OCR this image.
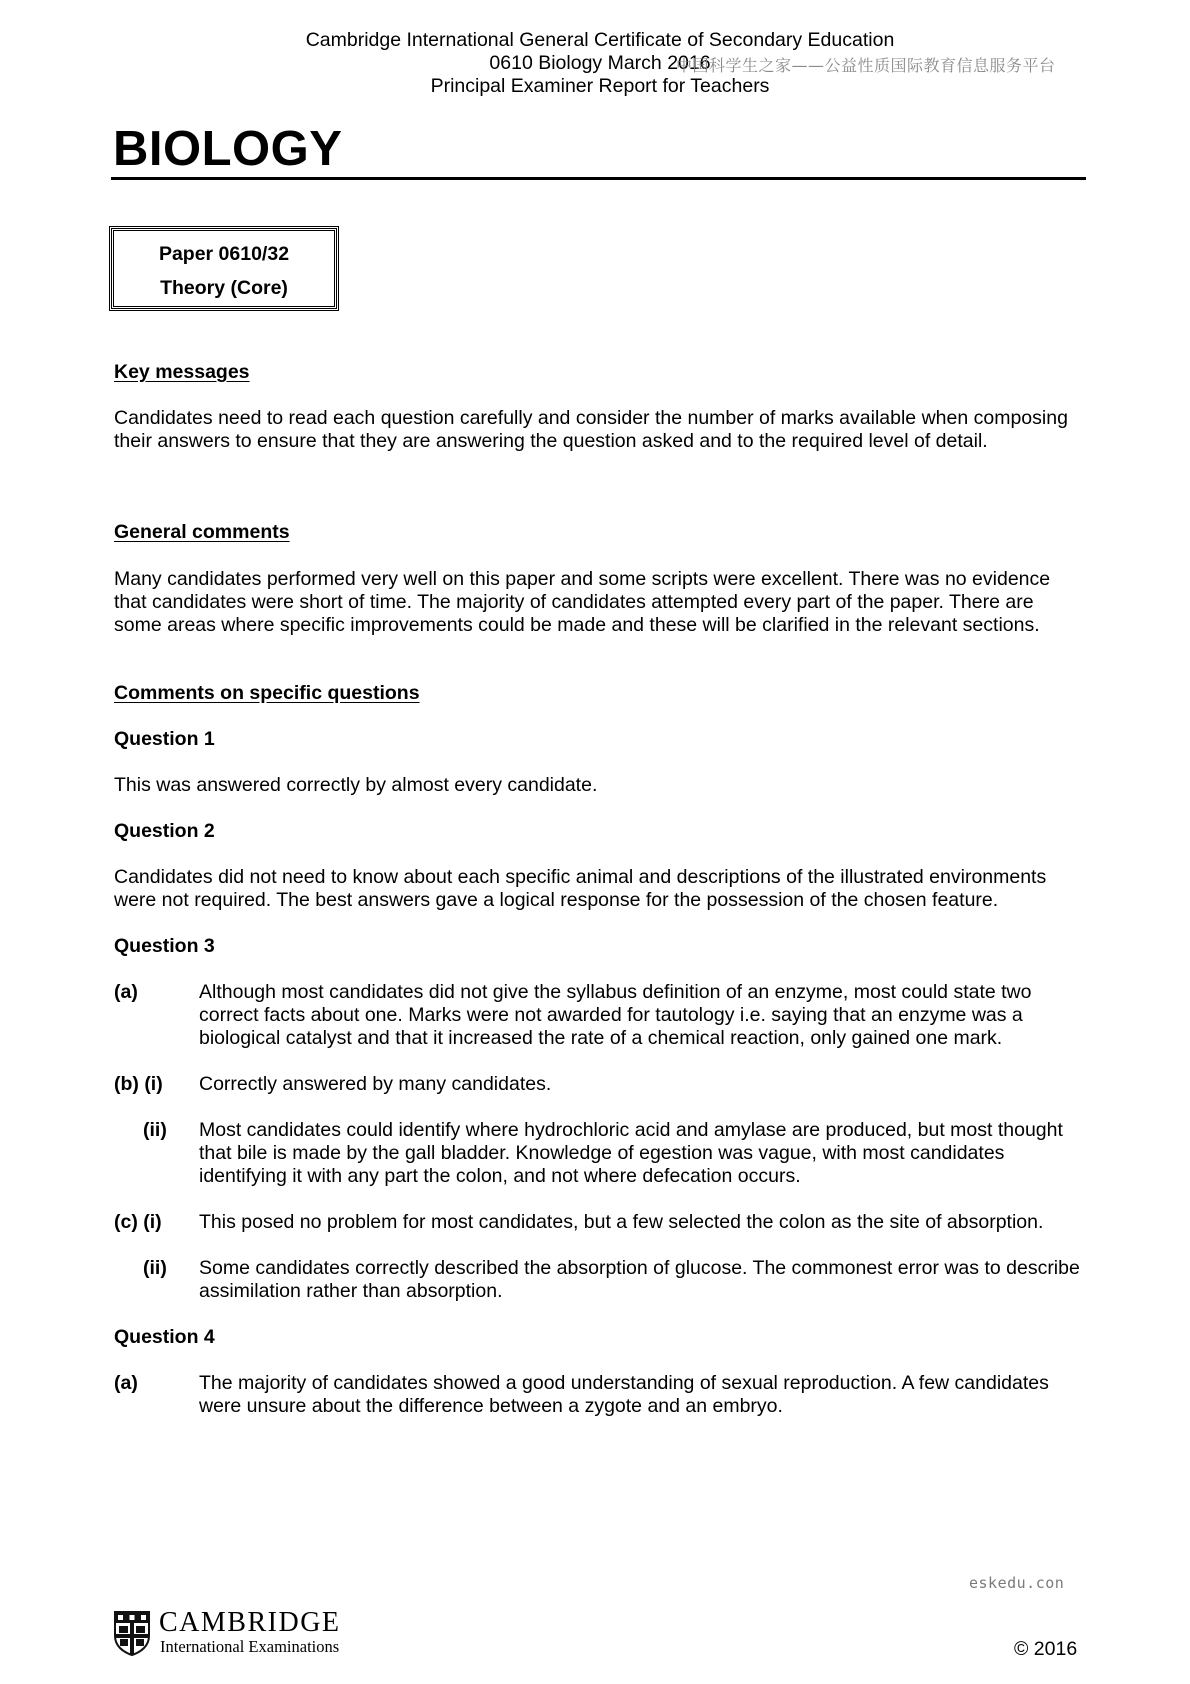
Cambridge International General Certificate of Secondary Education
0610 Biology March 2016
Principal Examiner Report for Teachers
中国科学生之家——公益性质国际教育信息服务平台
BIOLOGY
Paper 0610/32
Theory (Core)
Key messages
Candidates need to read each question carefully and consider the number of marks available when composing their answers to ensure that they are answering the question asked and to the required level of detail.
General comments
Many candidates performed very well on this paper and some scripts were excellent. There was no evidence that candidates were short of time. The majority of candidates attempted every part of the paper. There are some areas where specific improvements could be made and these will be clarified in the relevant sections.
Comments on specific questions
Question 1
This was answered correctly by almost every candidate.
Question 2
Candidates did not need to know about each specific animal and descriptions of the illustrated environments were not required. The best answers gave a logical response for the possession of the chosen feature.
Question 3
(a)	Although most candidates did not give the syllabus definition of an enzyme, most could state two correct facts about one. Marks were not awarded for tautology i.e. saying that an enzyme was a biological catalyst and that it increased the rate of a chemical reaction, only gained one mark.
(b) (i) Correctly answered by many candidates.
(ii) Most candidates could identify where hydrochloric acid and amylase are produced, but most thought that bile is made by the gall bladder. Knowledge of egestion was vague, with most candidates identifying it with any part the colon, and not where defecation occurs.
(c) (i) This posed no problem for most candidates, but a few selected the colon as the site of absorption.
(ii) Some candidates correctly described the absorption of glucose. The commonest error was to describe assimilation rather than absorption.
Question 4
(a)	The majority of candidates showed a good understanding of sexual reproduction. A few candidates were unsure about the difference between a zygote and an embryo.
eskedu.con
CAMBRIDGE
International Examinations	© 2016
